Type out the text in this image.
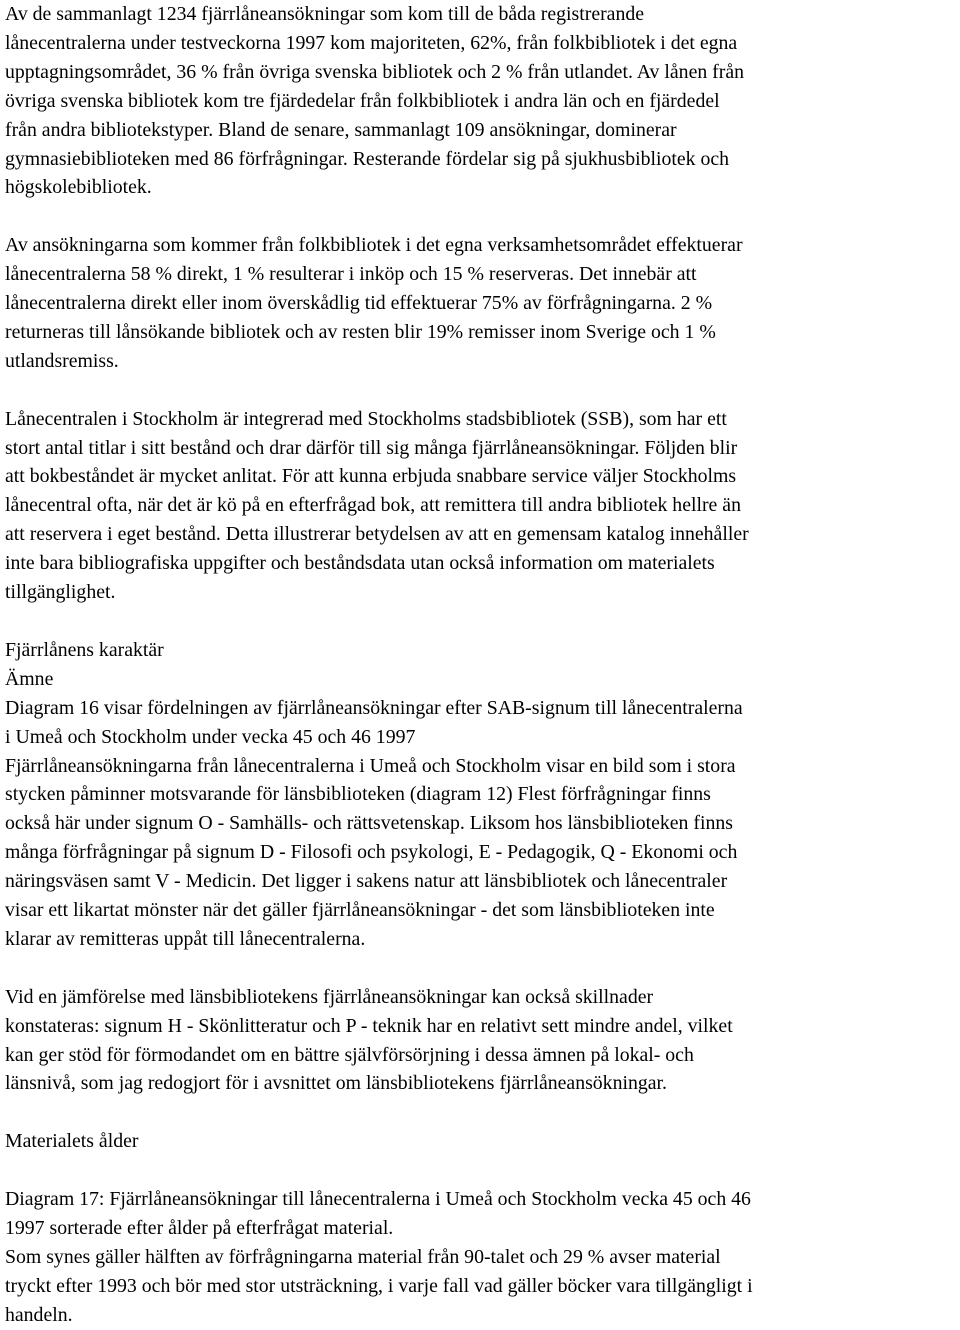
Av de sammanlagt 1234 fjärrlåneansökningar som kom till de båda registrerande
lånecentralerna under testveckorna 1997 kom majoriteten, 62%, från folkbibliotek i det egna
upptagningsområdet, 36 % från övriga svenska bibliotek och 2 % från utlandet. Av lånen från
övriga svenska bibliotek kom tre fjärdedelar från folkbibliotek i andra län och en fjärdedel
från andra bibliotekstyper. Bland de senare, sammanlagt 109 ansökningar, dominerar
gymnasiebiblioteken med 86 förfrågningar. Resterande fördelar sig på sjukhusbibliotek och
högskolebibliotek.

Av ansökningarna som kommer från folkbibliotek i det egna verksamhetsområdet effektuerar
lånecentralerna 58 % direkt, 1 % resulterar i inköp och 15 % reserveras. Det innebär att
lånecentralerna direkt eller inom överskådlig tid effektuerar 75% av förfrågningarna. 2 %
returneras till lånsökande bibliotek och av resten blir 19% remisser inom Sverige och 1 %
utlandsremiss.

Lånecentralen i Stockholm är integrerad med Stockholms stadsbibliotek (SSB), som har ett
stort antal titlar i sitt bestånd och drar därför till sig många fjärrlåneansökningar. Följden blir
att bokbeståndet är mycket anlitat. För att kunna erbjuda snabbare service väljer Stockholms
lånecentral ofta, när det är kö på en efterfrågad bok, att remittera till andra bibliotek hellre än
att reservera i eget bestånd. Detta illustrerar betydelsen av att en gemensam katalog innehåller
inte bara bibliografiska uppgifter och beståndsdata utan också information om materialets
tillgänglighet.

Fjärrlånens karaktär

Ämne

Diagram 16 visar fördelningen av fjärrlåneansökningar efter SAB-signum till lånecentralerna
i Umeå och Stockholm under vecka 45 och 46 1997

Fjärrlåneansökningarna från lånecentralerna i Umeå och Stockholm visar en bild som i stora
stycken påminner motsvarande för länsbiblioteken (diagram 12) Flest förfrågningar finns
också här under signum O - Samhälls- och rättsvetenskap. Liksom hos länsbiblioteken finns
många förfrågningar på signum D - Filosofi och psykologi, E - Pedagogik, Q - Ekonomi och
näringsväsen samt V - Medicin. Det ligger i sakens natur att länsbibliotek och lånecentraler
visar ett likartat mönster när det gäller fjärrlåneansökningar - det som länsbiblioteken inte
klarar av remitteras uppåt till lånecentralerna.

Vid en jämförelse med länsbibliotekens fjärrlåneansökningar kan också skillnader
konstateras: signum H - Skönlitteratur och P - teknik har en relativt sett mindre andel, vilket
kan ger stöd för förmodandet om en bättre självförsörjning i dessa ämnen på lokal- och
länsnivå, som jag redogjort för i avsnittet om länsbibliotekens fjärrlåneansökningar.

Materialets ålder

Diagram 17: Fjärrlåneansökningar till lånecentralerna i Umeå och Stockholm vecka 45 och 46
1997 sorterade efter ålder på efterfrågat material.

Som synes gäller hälften av förfrågningarna material från 90-talet och 29 % avser material
tryckt efter 1993 och bör med stor utsträckning, i varje fall vad gäller böcker vara tillgängligt i
handeln.
